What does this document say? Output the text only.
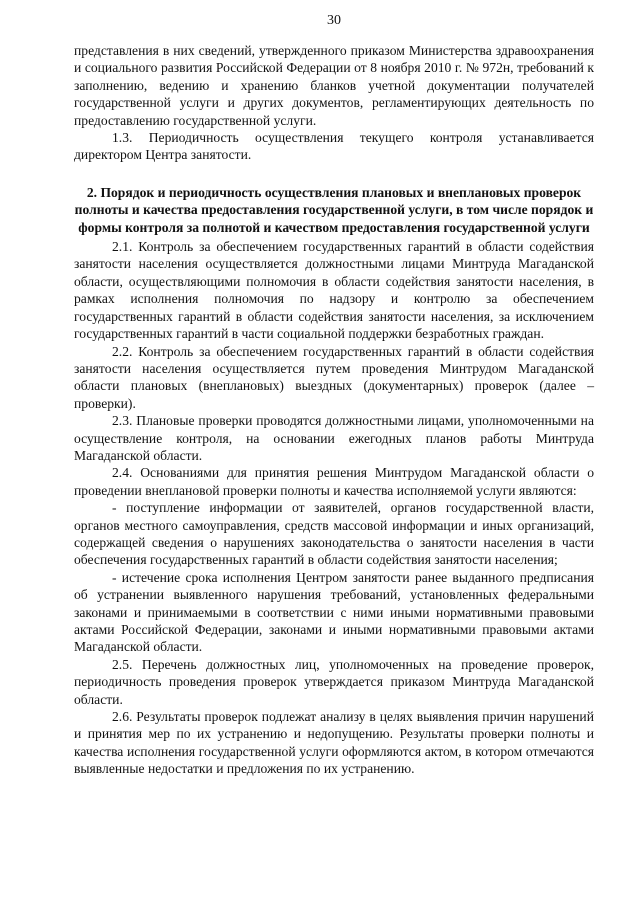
30

представления в них сведений, утвержденного приказом Министерства здравоохранения и социального развития Российской Федерации от 8 ноября 2010 г. № 972н, требований к заполнению, ведению и хранению бланков учетной документации получателей государственной услуги и других документов, регламентирующих деятельность по предоставлению государственной услуги.

1.3. Периодичность осуществления текущего контроля устанавливается директором Центра занятости.

2. Порядок и периодичность осуществления плановых и внеплановых проверок полноты и качества предоставления государственной услуги, в том числе порядок и формы контроля за полнотой и качеством предоставления государственной услуги

2.1. Контроль за обеспечением государственных гарантий в области содействия занятости населения осуществляется должностными лицами Минтруда Магаданской области, осуществляющими полномочия в области содействия занятости населения, в рамках исполнения полномочия по надзору и контролю за обеспечением государственных гарантий в области содействия занятости населения, за исключением государственных гарантий в части социальной поддержки безработных граждан.

2.2. Контроль за обеспечением государственных гарантий в области содействия занятости населения осуществляется путем проведения Минтрудом Магаданской области плановых (внеплановых) выездных (документарных) проверок (далее – проверки).

2.3. Плановые проверки проводятся должностными лицами, уполномоченными на осуществление контроля, на основании ежегодных планов работы Минтруда Магаданской области.

2.4. Основаниями для принятия решения Минтрудом Магаданской области о проведении внеплановой проверки полноты и качества исполняемой услуги являются:

- поступление информации от заявителей, органов государственной власти, органов местного самоуправления, средств массовой информации и иных организаций, содержащей сведения о нарушениях законодательства о занятости населения в части обеспечения государственных гарантий в области содействия занятости населения;

- истечение срока исполнения Центром занятости ранее выданного предписания об устранении выявленного нарушения требований, установленных федеральными законами и принимаемыми в соответствии с ними иными нормативными правовыми актами Российской Федерации, законами и иными нормативными правовыми актами Магаданской области.

2.5. Перечень должностных лиц, уполномоченных на проведение проверок, периодичность проведения проверок утверждается приказом Минтруда Магаданской области.

2.6. Результаты проверок подлежат анализу в целях выявления причин нарушений и принятия мер по их устранению и недопущению. Результаты проверки полноты и качества исполнения государственной услуги оформляются актом, в котором отмечаются выявленные недостатки и предложения по их устранению.
